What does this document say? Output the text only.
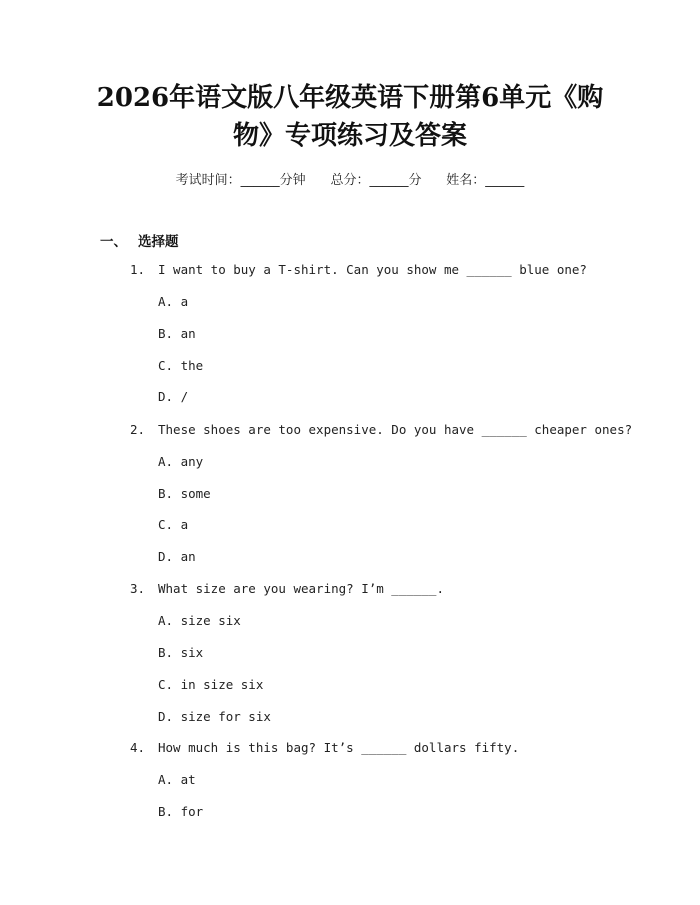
2026年语文版八年级英语下册第6单元《购
物》专项练习及答案
考试时间：______分钟 总分：______分 姓名：______
一、 选择题
1. I want to buy a T-shirt. Can you show me ______ blue one?
A. a
B. an
C. the
D. /
2. These shoes are too expensive. Do you have ______ cheaper ones?
A. any
B. some
C. a
D. an
3. What size are you wearing? I’m ______.
A. size six
B. six
C. in size six
D. size for six
4. How much is this bag? It’s ______ dollars fifty.
A. at
B. for
